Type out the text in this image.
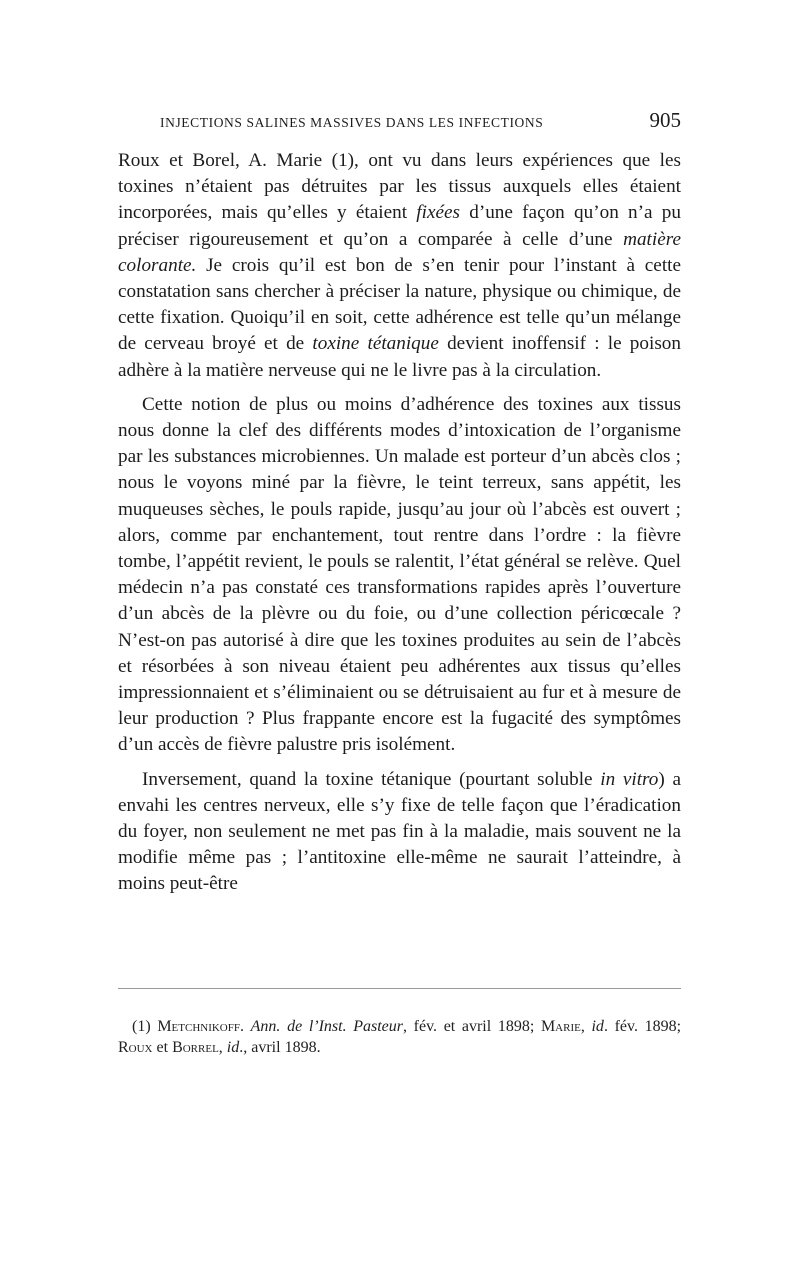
INJECTIONS SALINES MASSIVES DANS LES INFECTIONS	905

Roux et Borel, A. Marie (1), ont vu dans leurs expériences que les toxines n’étaient pas détruites par les tissus auxquels elles étaient incorporées, mais qu’elles y étaient fixées d’une façon qu’on n’a pu préciser rigoureusement et qu’on a comparée à celle d’une matière colorante. Je crois qu’il est bon de s’en tenir pour l’instant à cette constatation sans chercher à préciser la nature, physique ou chimique, de cette fixation. Quoiqu’il en soit, cette adhérence est telle qu’un mélange de cerveau broyé et de toxine tétanique devient inoffensif : le poison adhère à la matière nerveuse qui ne le livre pas à la circulation.

Cette notion de plus ou moins d’adhérence des toxines aux tissus nous donne la clef des différents modes d’intoxication de l’organisme par les substances microbiennes. Un malade est porteur d’un abcès clos ; nous le voyons miné par la fièvre, le teint terreux, sans appétit, les muqueuses sèches, le pouls rapide, jusqu’au jour où l’abcès est ouvert ; alors, comme par enchantement, tout rentre dans l’ordre : la fièvre tombe, l’appétit revient, le pouls se ralentit, l’état général se relève. Quel médecin n’a pas constaté ces transformations rapides après l’ouverture d’un abcès de la plèvre ou du foie, ou d’une collection péricœcale ? N’est-on pas autorisé à dire que les toxines produites au sein de l’abcès et résorbées à son niveau étaient peu adhérentes aux tissus qu’elles impressionnaient et s’éliminaient ou se détruisaient au fur et à mesure de leur production ? Plus frappante encore est la fugacité des symptômes d’un accès de fièvre palustre pris isolément.

Inversement, quand la toxine tétanique (pourtant soluble in vitro) a envahi les centres nerveux, elle s’y fixe de telle façon que l’éradication du foyer, non seulement ne met pas fin à la maladie, mais souvent ne la modifie même pas ; l’antitoxine elle-même ne saurait l’atteindre, à moins peut-être

(1) Metchnikoff. Ann. de l’Inst. Pasteur, fév. et avril 1898; Marie, id. fév. 1898; Roux et Borrel, id., avril 1898.
